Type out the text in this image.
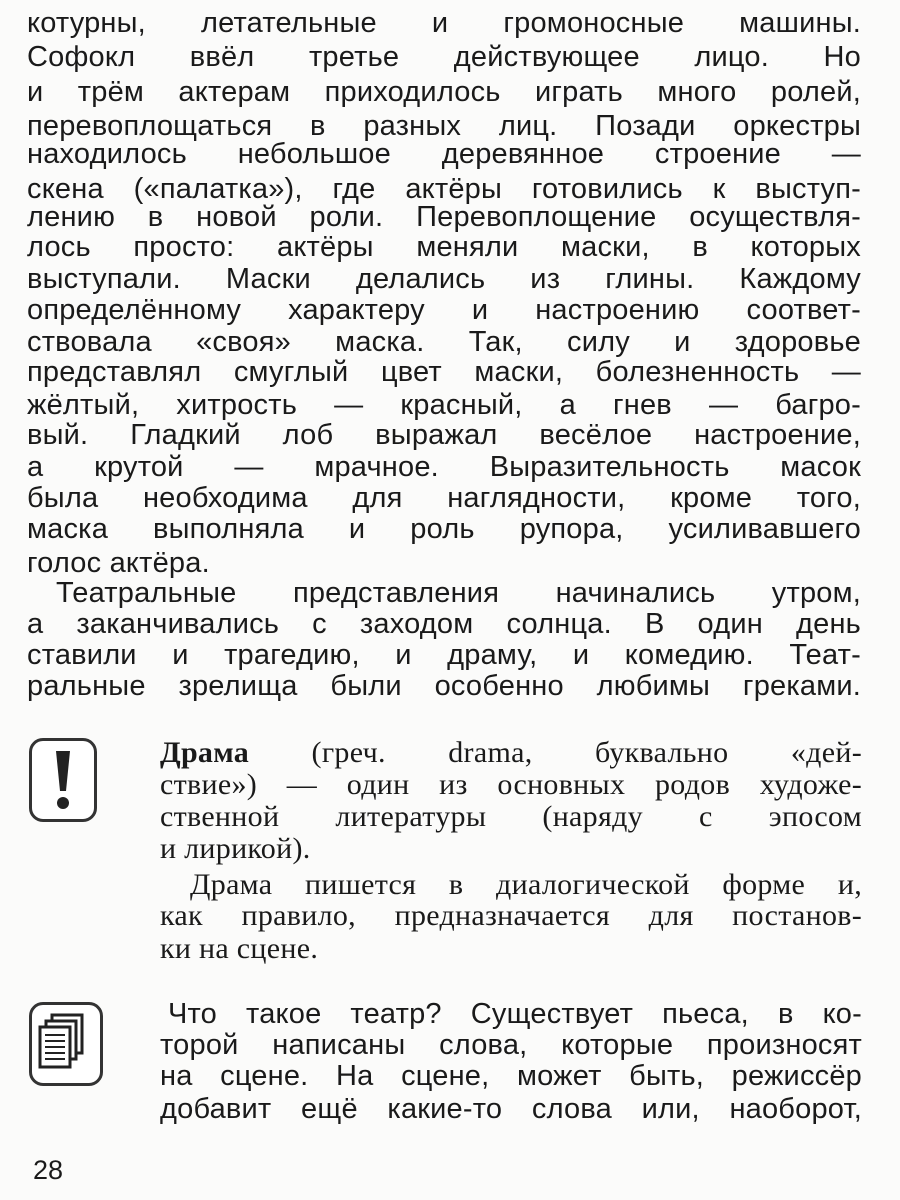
котурны, летательные и громоносные машины.
Софокл ввёл третье действующее лицо. Но
и трём актерам приходилось играть много ролей,
перевоплощаться в разных лиц. Позади оркестры
находилось небольшое деревянное строение —
скена («палатка»), где актёры готовились к выступ-
лению в новой роли. Перевоплощение осуществля-
лось просто: актёры меняли маски, в которых
выступали. Маски делались из глины. Каждому
определённому характеру и настроению соответ-
ствовала «своя» маска. Так, силу и здоровье
представлял смуглый цвет маски, болезненность —
жёлтый, хитрость — красный, а гнев — багро-
вый. Гладкий лоб выражал весёлое настроение,
а крутой — мрачное. Выразительность масок
была необходима для наглядности, кроме того,
маска выполняла и роль рупора, усиливавшего
голос актёра.
Театральные представления начинались утром,
а заканчивались с заходом солнца. В один день
ставили и трагедию, и драму, и комедию. Теат-
ральные зрелища были особенно любимы греками.
Драма (греч. drama, буквально «дей-
ствие») — один из основных родов художе-
ственной литературы (наряду с эпосом
и лирикой).
Драма пишется в диалогической форме и,
как правило, предназначается для постанов-
ки на сцене.
Что такое театр? Существует пьеса, в ко-
торой написаны слова, которые произносят
на сцене. На сцене, может быть, режиссёр
добавит ещё какие-то слова или, наоборот,
28
